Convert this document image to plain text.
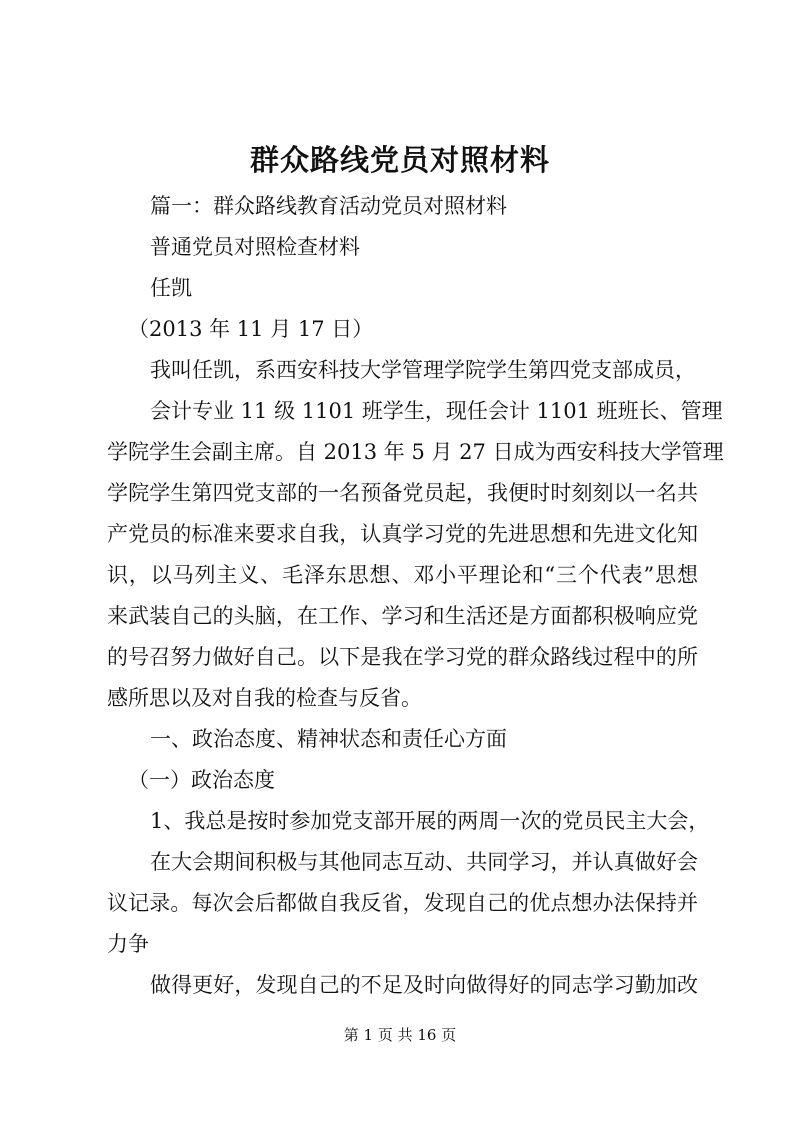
群众路线党员对照材料
篇一：群众路线教育活动党员对照材料
普通党员对照检查材料
任凯
（2013 年 11 月 17 日）
我叫任凯，系西安科技大学管理学院学生第四党支部成员，
会计专业 11 级 1101 班学生，现任会计 1101 班班长、管理
学院学生会副主席。自 2013 年 5 月 27 日成为西安科技大学管理
学院学生第四党支部的一名预备党员起，我便时时刻刻以一名共
产党员的标准来要求自我，认真学习党的先进思想和先进文化知
识，以马列主义、毛泽东思想、邓小平理论和“三个代表”思想
来武装自己的头脑，在工作、学习和生活还是方面都积极响应党
的号召努力做好自己。以下是我在学习党的群众路线过程中的所
感所思以及对自我的检查与反省。
一、政治态度、精神状态和责任心方面
（一）政治态度
1、我总是按时参加党支部开展的两周一次的党员民主大会，
在大会期间积极与其他同志互动、共同学习，并认真做好会
议记录。每次会后都做自我反省，发现自己的优点想办法保持并
力争
做得更好，发现自己的不足及时向做得好的同志学习勤加改
第 1 页 共 16 页
